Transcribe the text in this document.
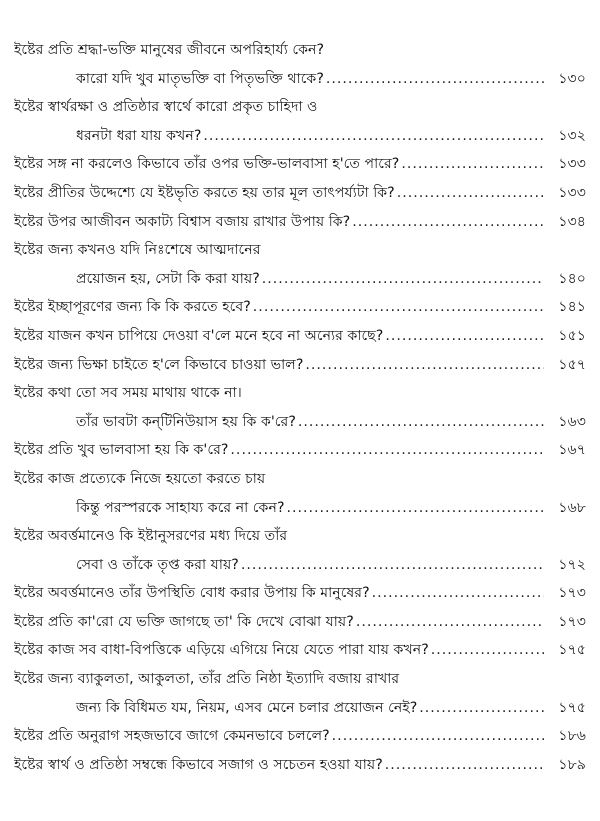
ইষ্টের প্রতি শ্রদ্ধা-ভক্তি মানুষের জীবনে অপরিহার্য্য কেন?
কারো যদি খুব মাতৃভক্তি বা পিতৃভক্তি থাকে? .....	১৩০
ইষ্টের স্বার্থরক্ষা ও প্রতিষ্ঠার স্বার্থে কারো প্রকৃত চাহিদা ও
ধরনটা ধরা যায় কখন? .....	১৩২
ইষ্টের সঙ্গ না করলেও কিভাবে তাঁর ওপর ভক্তি-ভালবাসা হ'তে পারে? .....	১৩৩
ইষ্টের প্রীতির উদ্দেশ্যে যে ইষ্টভৃতি করতে হয় তার মূল তাৎপর্য্যটা কি? .....	১৩৩
ইষ্টের উপর আজীবন অকাট্য বিশ্বাস বজায় রাখার উপায় কি? .....	১৩৪
ইষ্টের জন্য কখনও যদি নিঃশেষে আত্মদানের
প্রয়োজন হয়, সেটা কি করা যায়? .....	১৪০
ইষ্টের ইচ্ছাপূরণের জন্য কি কি করতে হবে? .....	১৪১
ইষ্টের যাজন কখন চাপিয়ে দেওয়া ব'লে মনে হবে না অন্যের কাছে? .....	১৫১
ইষ্টের জন্য ভিক্ষা চাইতে হ'লে কিভাবে চাওয়া ভাল? .....	১৫৭
ইষ্টের কথা তো সব সময় মাথায় থাকে না।
তাঁর ভাবটা কন্‌টিনিউয়াস হয় কি ক'রে? .....	১৬৩
ইষ্টের প্রতি খুব ভালবাসা হয় কি ক'রে? .....	১৬৭
ইষ্টের কাজ প্রত্যেকে নিজে হয়তো করতে চায়
কিন্তু পরস্পরকে সাহায্য করে না কেন? .....	১৬৮
ইষ্টের অবর্ত্তমানেও কি ইষ্টানুসরণের মধ্য দিয়ে তাঁর
সেবা ও তাঁকে তৃপ্ত করা যায়? .....	১৭২
ইষ্টের অবর্ত্তমানেও তাঁর উপস্থিতি বোধ করার উপায় কি মানুষের? .....	১৭৩
ইষ্টের প্রতি কা'রো যে ভক্তি জাগছে তা' কি দেখে বোঝা যায়? .....	১৭৩
ইষ্টের কাজ সব বাধা-বিপত্তিকে এড়িয়ে এগিয়ে নিয়ে যেতে পারা যায় কখন? .....	১৭৫
ইষ্টের জন্য ব্যাকুলতা, আকুলতা, তাঁর প্রতি নিষ্ঠা ইত্যাদি বজায় রাখার
জন্য কি বিধিমত যম, নিয়ম, এসব মেনে চলার প্রয়োজন নেই? .....	১৭৫
ইষ্টের প্রতি অনুরাগ সহজভাবে জাগে কেমনভাবে চললে? .....	১৮৬
ইষ্টের স্বার্থ ও প্রতিষ্ঠা সম্বন্ধে কিভাবে সজাগ ও সচেতন হওয়া যায়? .....	১৮৯
